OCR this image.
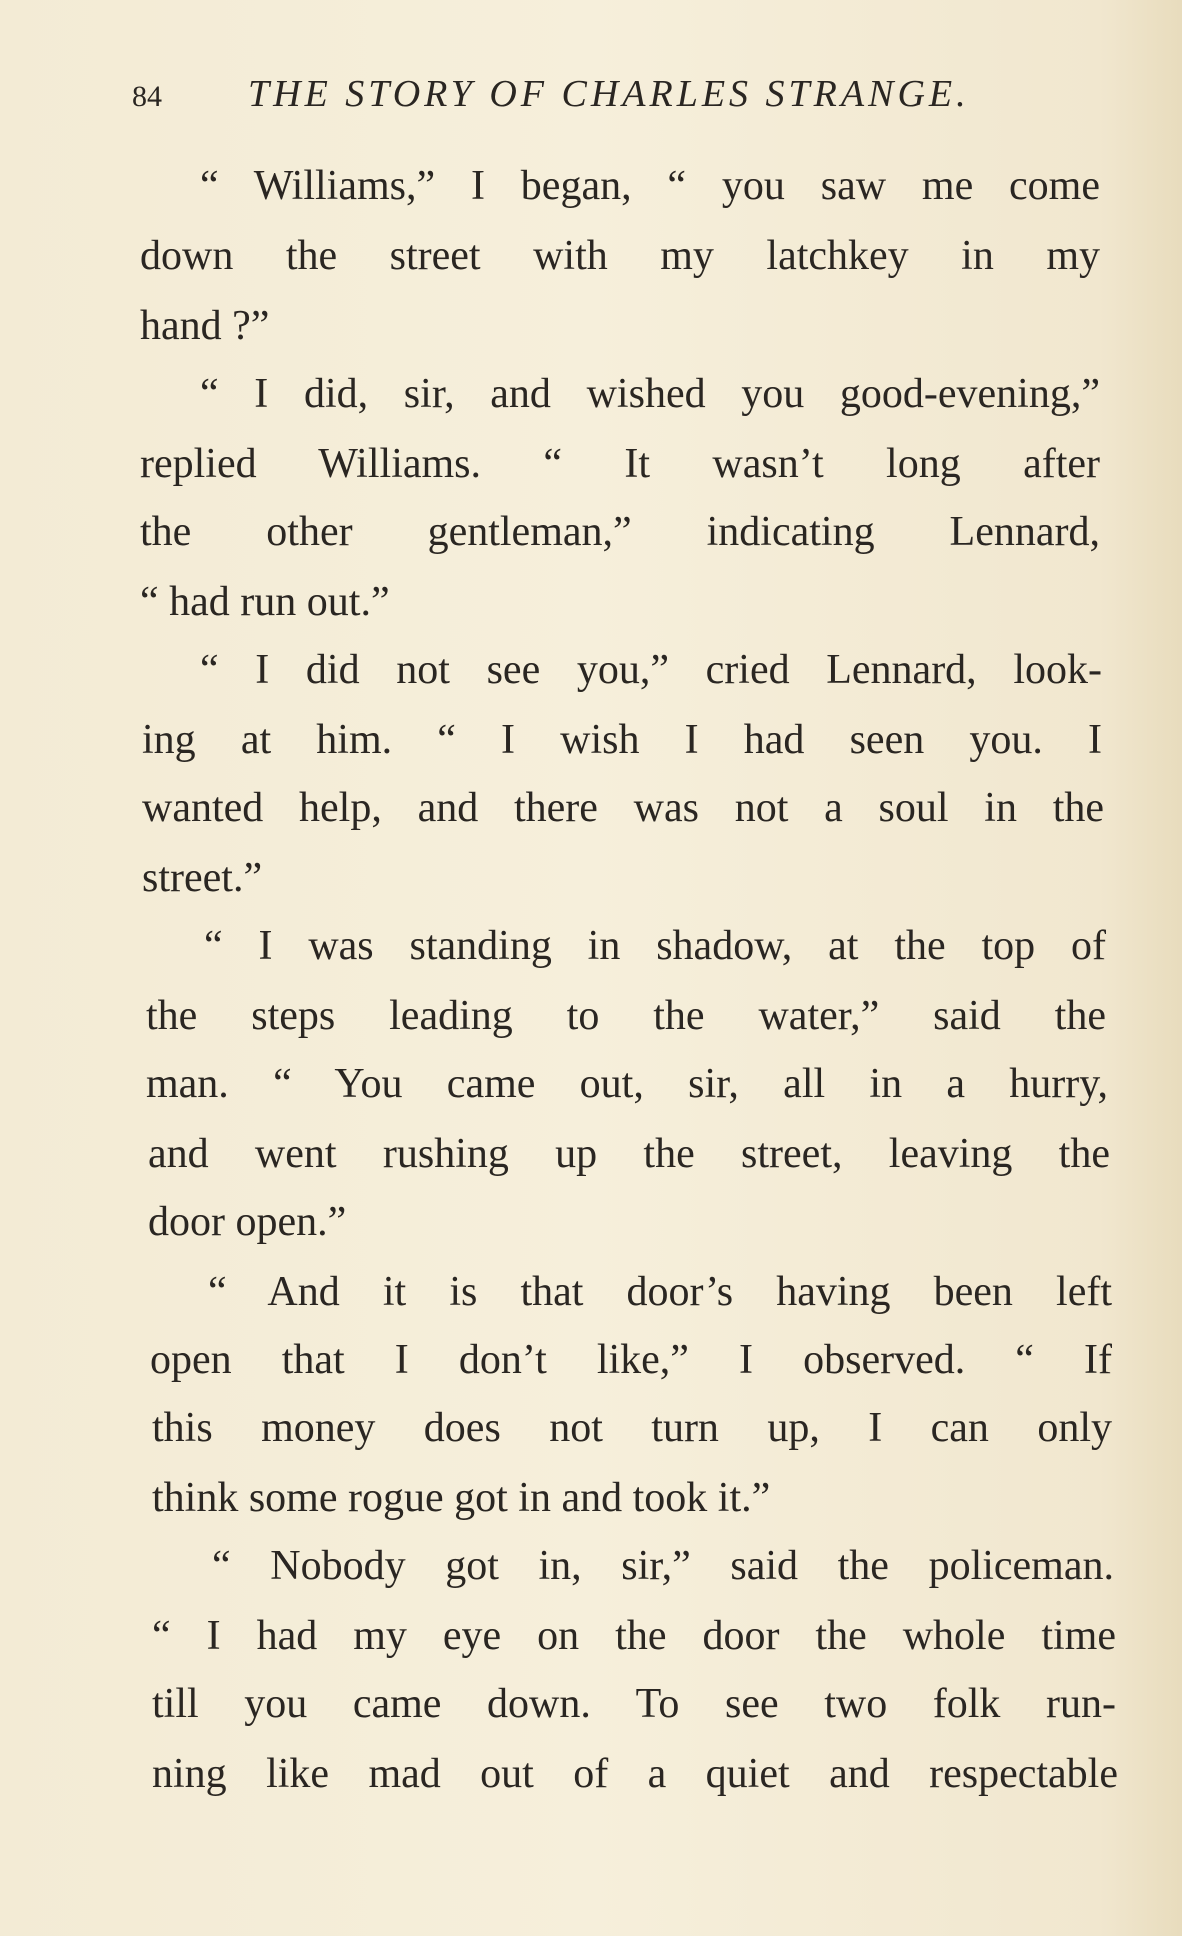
84 THE STORY OF CHARLES STRANGE.
“ Williams,” I began, “ you saw me come
down the street with my latchkey in my
hand ?”
“ I did, sir, and wished you good-evening,”
replied Williams. “ It wasn’t long after
the other gentleman,” indicating Lennard,
“ had run out.”
“ I did not see you,” cried Lennard, look-
ing at him. “ I wish I had seen you. I
wanted help, and there was not a soul in the
street.”
“ I was standing in shadow, at the top of
the steps leading to the water,” said the
man. “ You came out, sir, all in a hurry,
and went rushing up the street, leaving the
door open.”
“ And it is that door’s having been left
open that I don’t like,” I observed. “ If
this money does not turn up, I can only
think some rogue got in and took it.”
“ Nobody got in, sir,” said the policeman.
“ I had my eye on the door the whole time
till you came down. To see two folk run-
ning like mad out of a quiet and respectable
